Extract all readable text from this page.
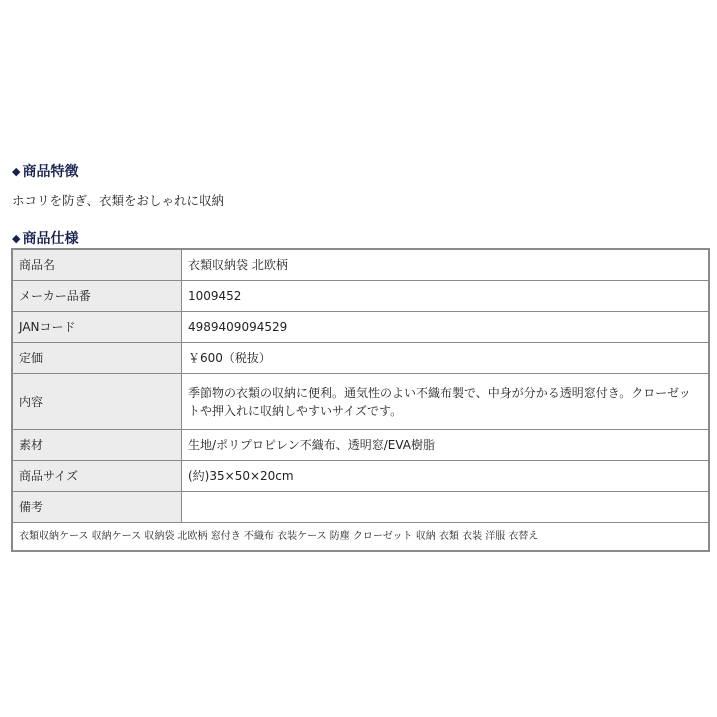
◆ 商品特徴
ホコリを防ぎ、衣類をおしゃれに収納
◆ 商品仕様
商品名	衣類収納袋 北欧柄
メーカー品番	1009452
JANコード	4989409094529
定価	￥600（税抜）
内容	季節物の衣類の収納に便利。通気性のよい不織布製で、中身が分かる透明窓付き。クローゼットや押入れに収納しやすいサイズです。
素材	生地/ポリプロピレン不織布、透明窓/EVA樹脂
商品サイズ	(約)35×50×20cm
備考	
衣類収納ケース 収納ケース 収納袋 北欧柄 窓付き 不織布 衣装ケース 防塵 クローゼット 収納 衣類 衣装 洋服 衣替え	
